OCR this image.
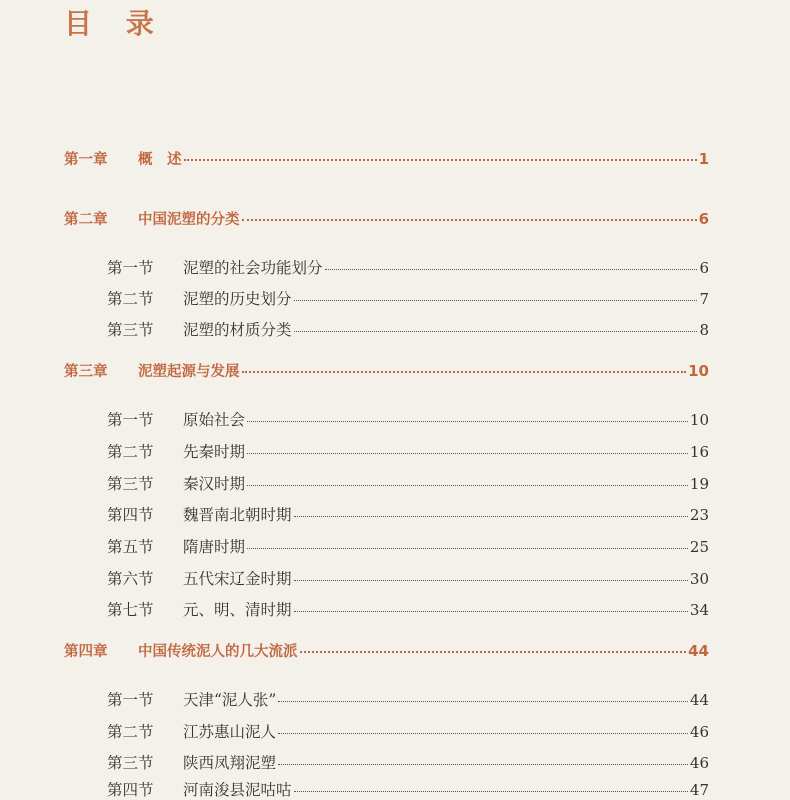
目 录
第一章	概　述	1
第二章	中国泥塑的分类	6
第一节	泥塑的社会功能划分	6
第二节	泥塑的历史划分	7
第三节	泥塑的材质分类	8
第三章	泥塑起源与发展	10
第一节	原始社会	10
第二节	先秦时期	16
第三节	秦汉时期	19
第四节	魏晋南北朝时期	23
第五节	隋唐时期	25
第六节	五代宋辽金时期	30
第七节	元、明、清时期	34
第四章	中国传统泥人的几大流派	44
第一节	天津“泥人张”	44
第二节	江苏惠山泥人	46
第三节	陕西凤翔泥塑	46
第四节	河南浚县泥咕咕	47
